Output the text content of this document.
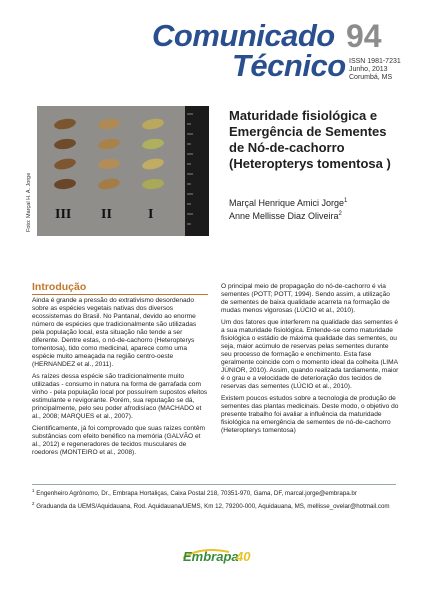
Comunicado
Técnico
94
ISSN 1981-7231
Junho, 2013
Corumbá, MS
Foto: Marçal H. A. Jorge III II	I
Maturidade fisiológica e
Emergência de Sementes
de Nó-de-cachorro
(Heteropterys tomentosa )
Marçal Henrique Amici Jorge$^1$
Anne Mellisse Diaz Oliveira$^2$
Introdução

Ainda é grande a pressão do extrativismo desordenado sobre as espécies vegetais nativas dos diversos ecossistemas do Brasil. No Pantanal, devido ao enorme número de espécies que tradicionalmente são utilizadas pela população local, esta situação não tende a ser diferente. Dentre estas, o nó-de-cachorro (Heteropterys tomentosa), tido como medicinal, aparece como uma espécie muito ameaçada na região centro-oeste (HERNANDEZ et al., 2011).

As raízes dessa espécie são tradicionalmente muito utilizadas - consumo in natura na forma de garrafada com vinho - pela população local por possuírem supostos efeitos estimulante e revigorante. Porém, sua reputação se dá, principalmente, pelo seu poder afrodisíaco (MACHADO et al., 2008; MARQUES et al., 2007).

Cientificamente, já foi comprovado que suas raízes contêm substâncias com efeito benéfico na memória (GALVÃO et al., 2012) e regeneradores de tecidos musculares de roedores (MONTEIRO et al., 2008).

O principal meio de propagação do nó-de-cachorro é via sementes (POTT; POTT, 1994). Sendo assim, a utilização de sementes de baixa qualidade acarreta na formação de mudas menos vigorosas (LÚCIO et al., 2010).

Um dos fatores que interferem na qualidade das sementes é a sua maturidade fisiológica. Entende-se como maturidade fisiológica o estádio de máxima qualidade das sementes, ou seja, maior acúmulo de reservas pelas sementes durante seu processo de formação e enchimento. Esta fase geralmente coincide com o momento ideal da colheita (LIMA JÚNIOR, 2010). Assim, quando realizada tardiamente, maior é o grau e a velocidade de deterioração dos tecidos de reservas das sementes (LÚCIO et al., 2010).

Existem poucos estudos sobre a tecnologia de produção de sementes das plantas medicinais. Deste modo, o objetivo do presente trabalho foi avaliar a influência da maturidade fisiológica na emergência de sementes de nó-de-cachorro (Heteropterys tomentosa)

$^1$ Engenheiro Agrônomo, Dr., Embrapa Hortaliças, Caixa Postal 218, 70351-970, Gama, DF, marcal.jorge@embrapa.br

$^2$ Graduanda da UEMS/Aquidauana, Rod. Aquidauana/UEMS, Km 12, 79200-000, Aquidauana, MS, mellisse_ovelar@hotmail.com

Embrapa
40
